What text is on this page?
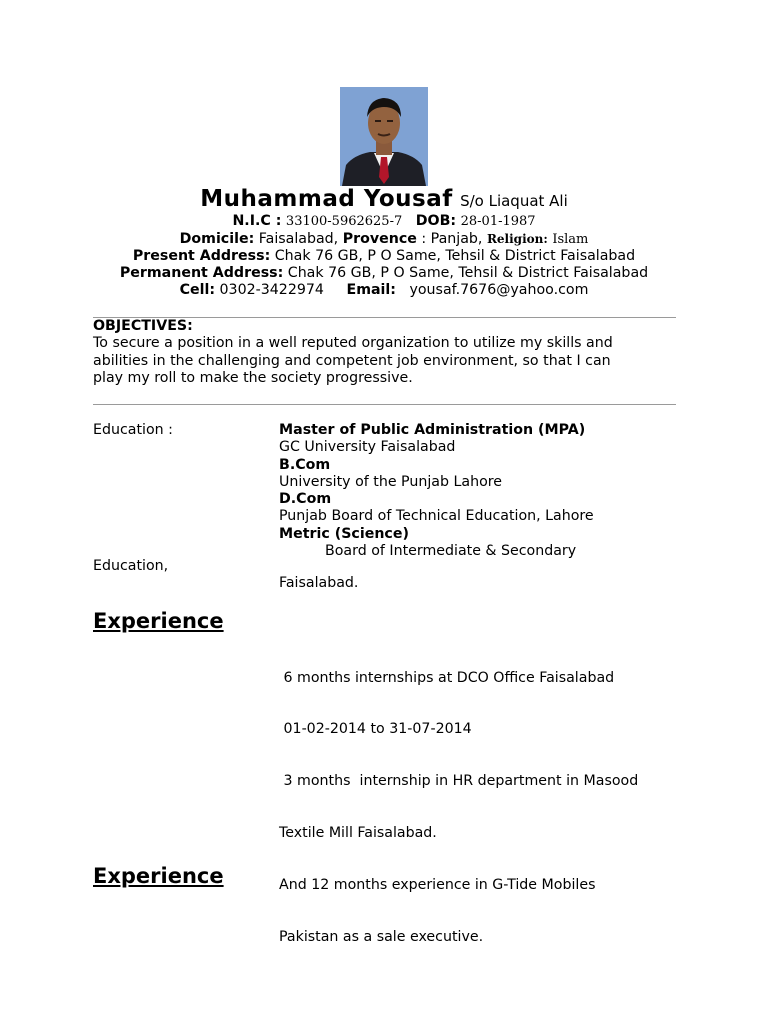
Muhammad Yousaf S/o Liaquat Ali
N.I.C : 33100-5962625-7 DOB: 28-01-1987
Domicile: Faisalabad, Provence : Panjab, Religion: Islam
Present Address: Chak 76 GB, P O Same, Tehsil & District Faisalabad
Permanent Address: Chak 76 GB, P O Same, Tehsil & District Faisalabad
Cell: 0302-3422974 Email: yousaf.7676@yahoo.com
OBJECTIVES:
To secure a position in a well reputed organization to utilize my skills and
abilities in the challenging and competent job environment, so that I can
play my roll to make the society progressive.
Education :	Master of Public Administration (MPA)
GC University Faisalabad
B.Com
University of the Punjab Lahore
D.Com
Punjab Board of Technical Education, Lahore
Metric (Science)
Board of Intermediate & Secondary
Education,
Faisalabad.
Experience

6 months internships at DCO Office Faisalabad

01-02-2014 to 31-07-2014

3 months  internship in HR department in Masood

Textile Mill Faisalabad.

And 12 months experience in G-Tide Mobiles

Pakistan as a sale executive.

Experience
